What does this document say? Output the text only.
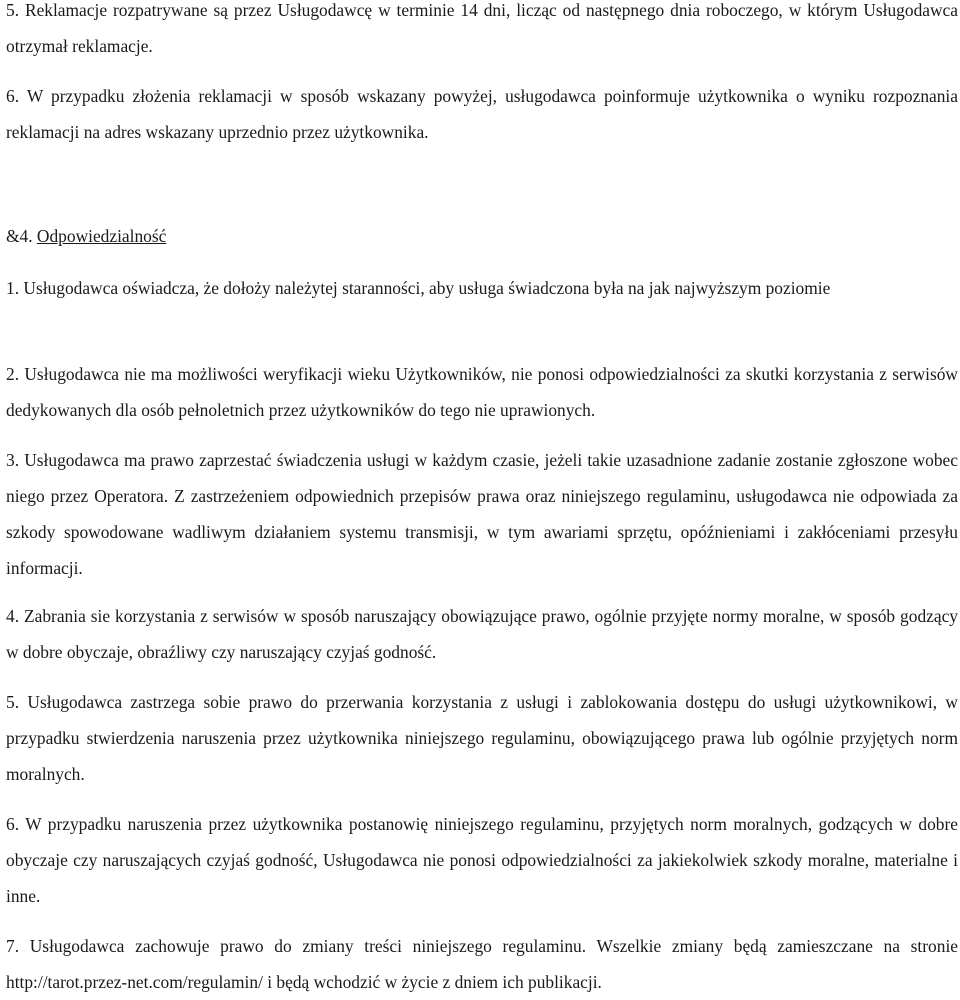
5. Reklamacje rozpatrywane są przez Usługodawcę w terminie 14 dni, licząc od następnego dnia roboczego, w którym Usługodawca otrzymał reklamacje.

6. W przypadku złożenia reklamacji w sposób wskazany powyżej, usługodawca poinformuje użytkownika o wyniku rozpoznania reklamacji na adres wskazany uprzednio przez użytkownika.

&4. Odpowiedzialność

1. Usługodawca oświadcza, że dołoży należytej staranności, aby usługa świadczona była na jak najwyższym poziomie

2. Usługodawca nie ma możliwości weryfikacji wieku Użytkowników, nie ponosi odpowiedzialności za skutki korzystania z serwisów dedykowanych dla osób pełnoletnich przez użytkowników do tego nie uprawionych.

3. Usługodawca ma prawo zaprzestać świadczenia usługi w każdym czasie, jeżeli takie uzasadnione zadanie zostanie zgłoszone wobec niego przez Operatora. Z zastrzeżeniem odpowiednich przepisów prawa oraz niniejszego regulaminu, usługodawca nie odpowiada za szkody spowodowane wadliwym działaniem systemu transmisji, w tym awariami sprzętu, opóźnieniami i zakłóceniami przesyłu informacji.

4. Zabrania sie korzystania z serwisów w sposób naruszający obowiązujące prawo, ogólnie przyjęte normy moralne, w sposób godzący w dobre obyczaje, obraźliwy czy naruszający czyjaś godność.

5. Usługodawca zastrzega sobie prawo do przerwania korzystania z usługi i zablokowania dostępu do usługi użytkownikowi, w przypadku stwierdzenia naruszenia przez użytkownika niniejszego regulaminu, obowiązującego prawa lub ogólnie przyjętych norm moralnych.

6. W przypadku naruszenia przez użytkownika postanowię niniejszego regulaminu, przyjętych norm moralnych, godzących w dobre obyczaje czy naruszających czyjaś godność, Usługodawca nie ponosi odpowiedzialności za jakiekolwiek szkody moralne, materialne i inne.

7. Usługodawca zachowuje prawo do zmiany treści niniejszego regulaminu. Wszelkie zmiany będą zamieszczane na stronie http://tarot.przez-net.com/regulamin/ i będą wchodzić w życie z dniem ich publikacji.
